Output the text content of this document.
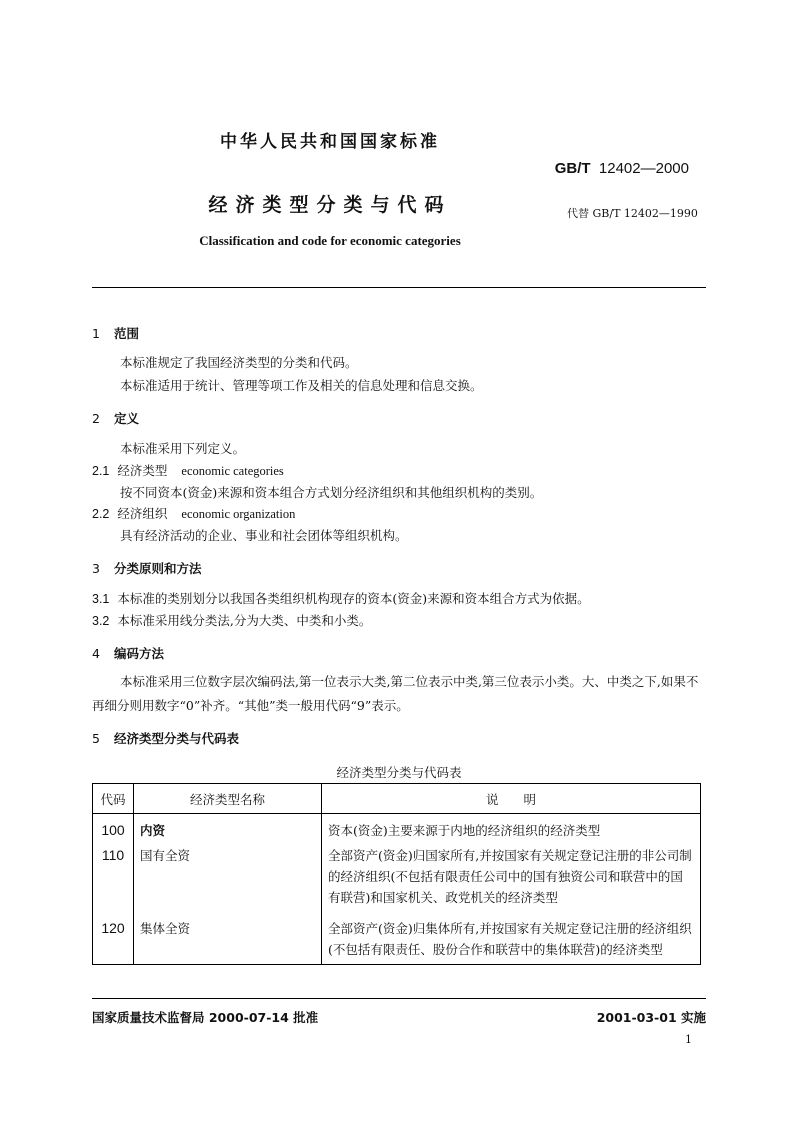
中华人民共和国国家标准
GB/T 12402—2000
经济类型分类与代码	代替 GB/T 12402—1990
Classification and code for economic categories
1 范围
本标准规定了我国经济类型的分类和代码。
本标准适用于统计、管理等项工作及相关的信息处理和信息交换。
2 定义
本标准采用下列定义。
2.1 经济类型 economic categories
按不同资本(资金)来源和资本组合方式划分经济组织和其他组织机构的类别。
2.2 经济组织 economic organization
具有经济活动的企业、事业和社会团体等组织机构。
3 分类原则和方法
3.1 本标准的类别划分以我国各类组织机构现存的资本(资金)来源和资本组合方式为依据。
3.2 本标准采用线分类法,分为大类、中类和小类。
4 编码方法
本标准采用三位数字层次编码法,第一位表示大类,第二位表示中类,第三位表示小类。大、中类之下,如果不再细分则用数字“0”补齐。“其他”类一般用代码“9”表示。
5 经济类型分类与代码表
经济类型分类与代码表
代码	经济类型名称	说　　明
100	内资	资本(资金)主要来源于内地的经济组织的经济类型
110	国有全资	全部资产(资金)归国家所有,并按国家有关规定登记注册的非公司制的经济组织(不包括有限责任公司中的国有独资公司和联营中的国有联营)和国家机关、政党机关的经济类型
120	集体全资	全部资产(资金)归集体所有,并按国家有关规定登记注册的经济组织(不包括有限责任、股份合作和联营中的集体联营)的经济类型
国家质量技术监督局 2000-07-14 批准	2001-03-01 实施
1
